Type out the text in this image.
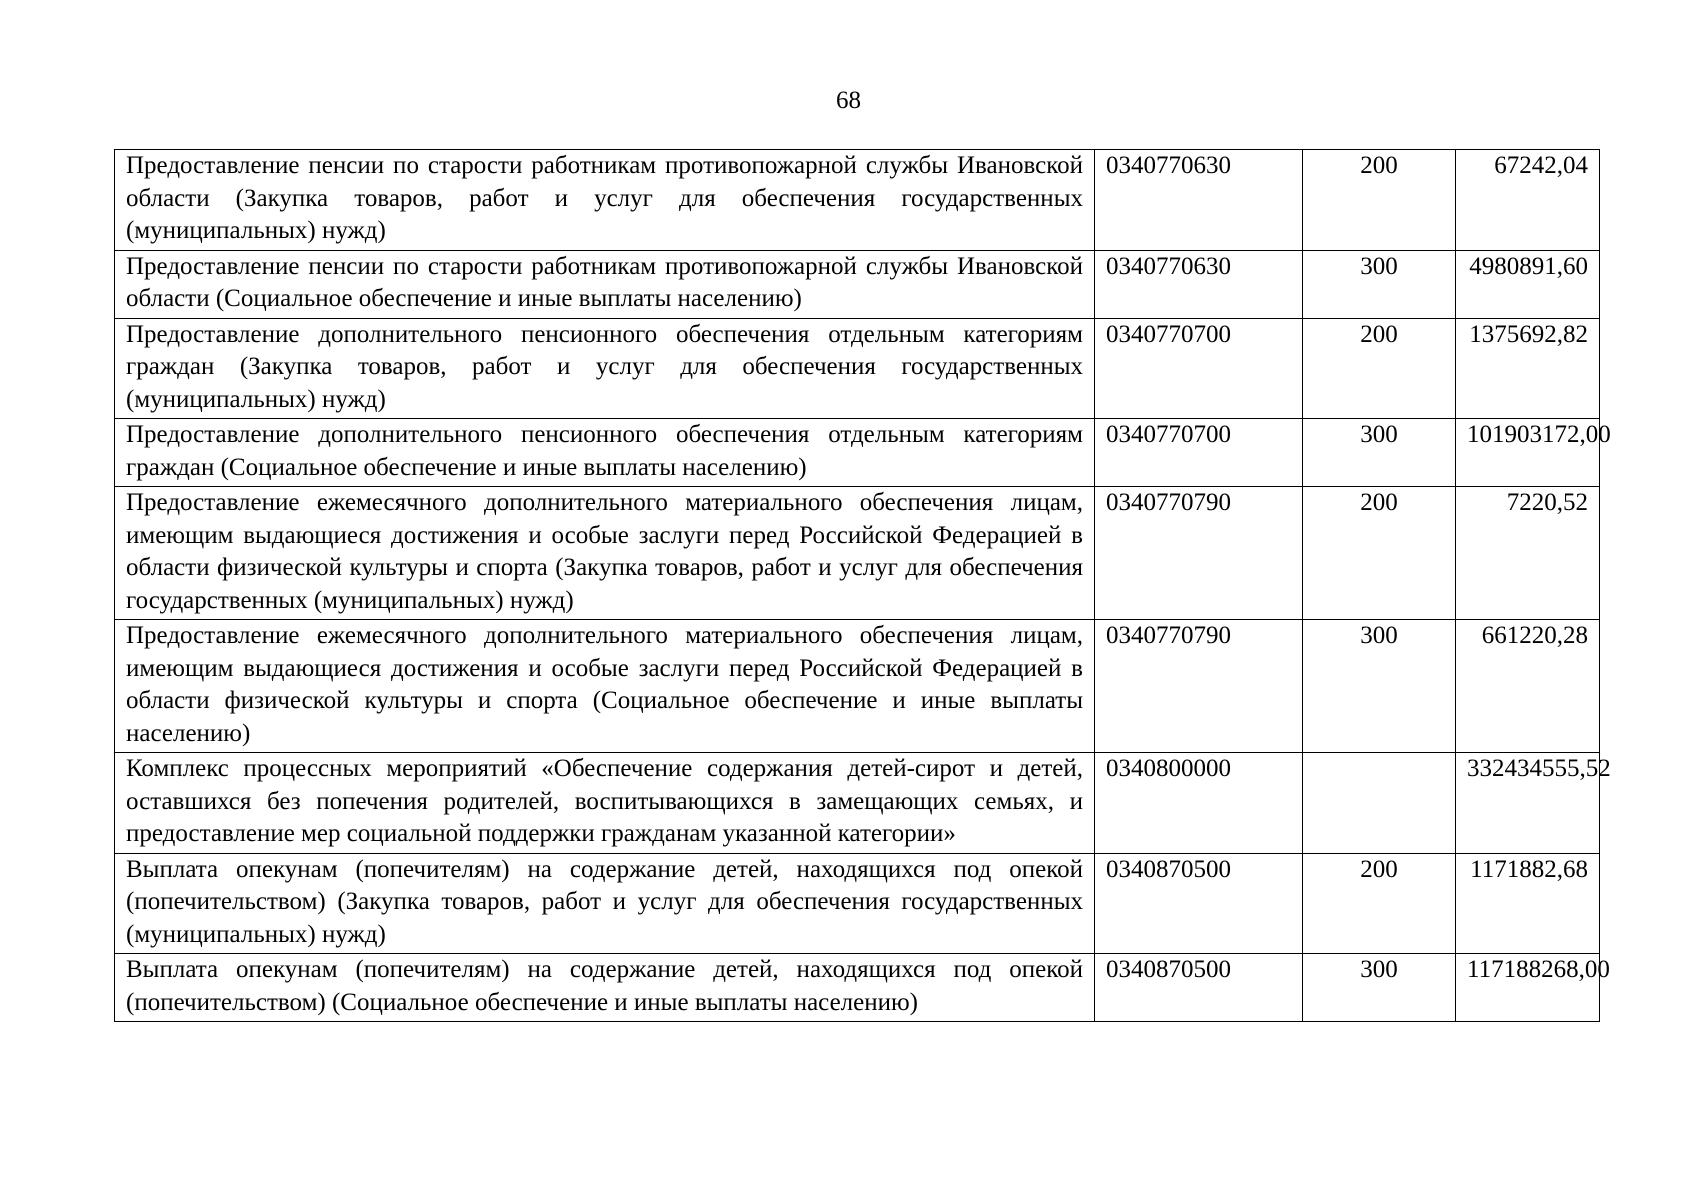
68
Предоставление пенсии по старости работникам противопожарной службы Ивановской области (Закупка товаров, работ и услуг для обеспечения государственных (муниципальных) нужд)	0340770630	200	67242,04
Предоставление пенсии по старости работникам противопожарной службы Ивановской области (Социальное обеспечение и иные выплаты населению)	0340770630	300	4980891,60
Предоставление дополнительного пенсионного обеспечения отдельным категориям граждан (Закупка товаров, работ и услуг для обеспечения государственных (муниципальных) нужд)	0340770700	200	1375692,82
Предоставление дополнительного пенсионного обеспечения отдельным категориям граждан (Социальное обеспечение и иные выплаты населению)	0340770700	300	101903172,00
Предоставление ежемесячного дополнительного материального обеспечения лицам, имеющим выдающиеся достижения и особые заслуги перед Российской Федерацией в области физической культуры и спорта (Закупка товаров, работ и услуг для обеспечения государственных (муниципальных) нужд)	0340770790	200	7220,52
Предоставление ежемесячного дополнительного материального обеспечения лицам, имеющим выдающиеся достижения и особые заслуги перед Российской Федерацией в области физической культуры и спорта (Социальное обеспечение и иные выплаты населению)	0340770790	300	661220,28
Комплекс процессных мероприятий «Обеспечение содержания детей-сирот и детей, оставшихся без попечения родителей, воспитывающихся в замещающих семьях, и предоставление мер социальной поддержки гражданам указанной категории»	0340800000		332434555,52
Выплата опекунам (попечителям) на содержание детей, находящихся под опекой (попечительством) (Закупка товаров, работ и услуг для обеспечения государственных (муниципальных) нужд)	0340870500	200	1171882,68
Выплата опекунам (попечителям) на содержание детей, находящихся под опекой (попечительством) (Социальное обеспечение и иные выплаты населению)	0340870500	300	117188268,00
